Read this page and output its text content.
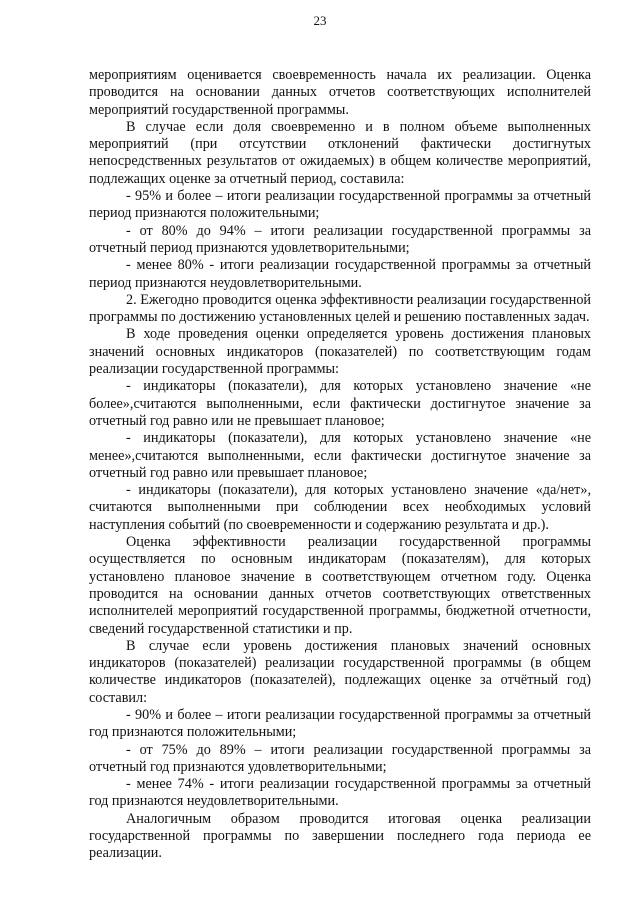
23

мероприятиям оценивается своевременность начала их реализации. Оценка проводится на основании данных отчетов соответствующих исполнителей мероприятий государственной программы.

В случае если доля своевременно и в полном объеме выполненных мероприятий (при отсутствии отклонений фактически достигнутых непосредственных результатов от ожидаемых) в общем количестве мероприятий, подлежащих оценке за отчетный период, составила:

- 95% и более – итоги реализации государственной программы за отчетный период признаются положительными;

- от 80% до 94% – итоги реализации государственной программы за отчетный период признаются удовлетворительными;

- менее 80% - итоги реализации государственной программы за отчетный период признаются неудовлетворительными.

2. Ежегодно проводится оценка эффективности реализации государственной программы по достижению установленных целей и решению поставленных задач.

В ходе проведения оценки определяется уровень достижения плановых значений основных индикаторов (показателей) по соответствующим годам реализации государственной программы:

- индикаторы (показатели), для которых установлено значение «не более»,считаются выполненными, если фактически достигнутое значение за отчетный год равно или не превышает плановое;

- индикаторы (показатели), для которых установлено значение «не менее»,считаются выполненными, если фактически достигнутое значение за отчетный год равно или превышает плановое;

- индикаторы (показатели), для которых установлено значение «да/нет», считаются выполненными при соблюдении всех необходимых условий наступления событий (по своевременности и содержанию результата и др.).

Оценка эффективности реализации государственной программы осуществляется по основным индикаторам (показателям), для которых установлено плановое значение в соответствующем отчетном году. Оценка проводится на основании данных отчетов соответствующих ответственных исполнителей мероприятий государственной программы, бюджетной отчетности, сведений государственной статистики и пр.

В случае если уровень достижения плановых значений основных индикаторов (показателей) реализации государственной программы (в общем количестве индикаторов (показателей), подлежащих оценке за отчётный год) составил:

- 90% и более – итоги реализации государственной программы за отчетный год признаются положительными;

- от 75% до 89% – итоги реализации государственной программы за отчетный год признаются удовлетворительными;

- менее 74% - итоги реализации государственной программы за отчетный год признаются неудовлетворительными.

Аналогичным образом проводится итоговая оценка реализации государственной программы по завершении последнего года периода ее реализации.
